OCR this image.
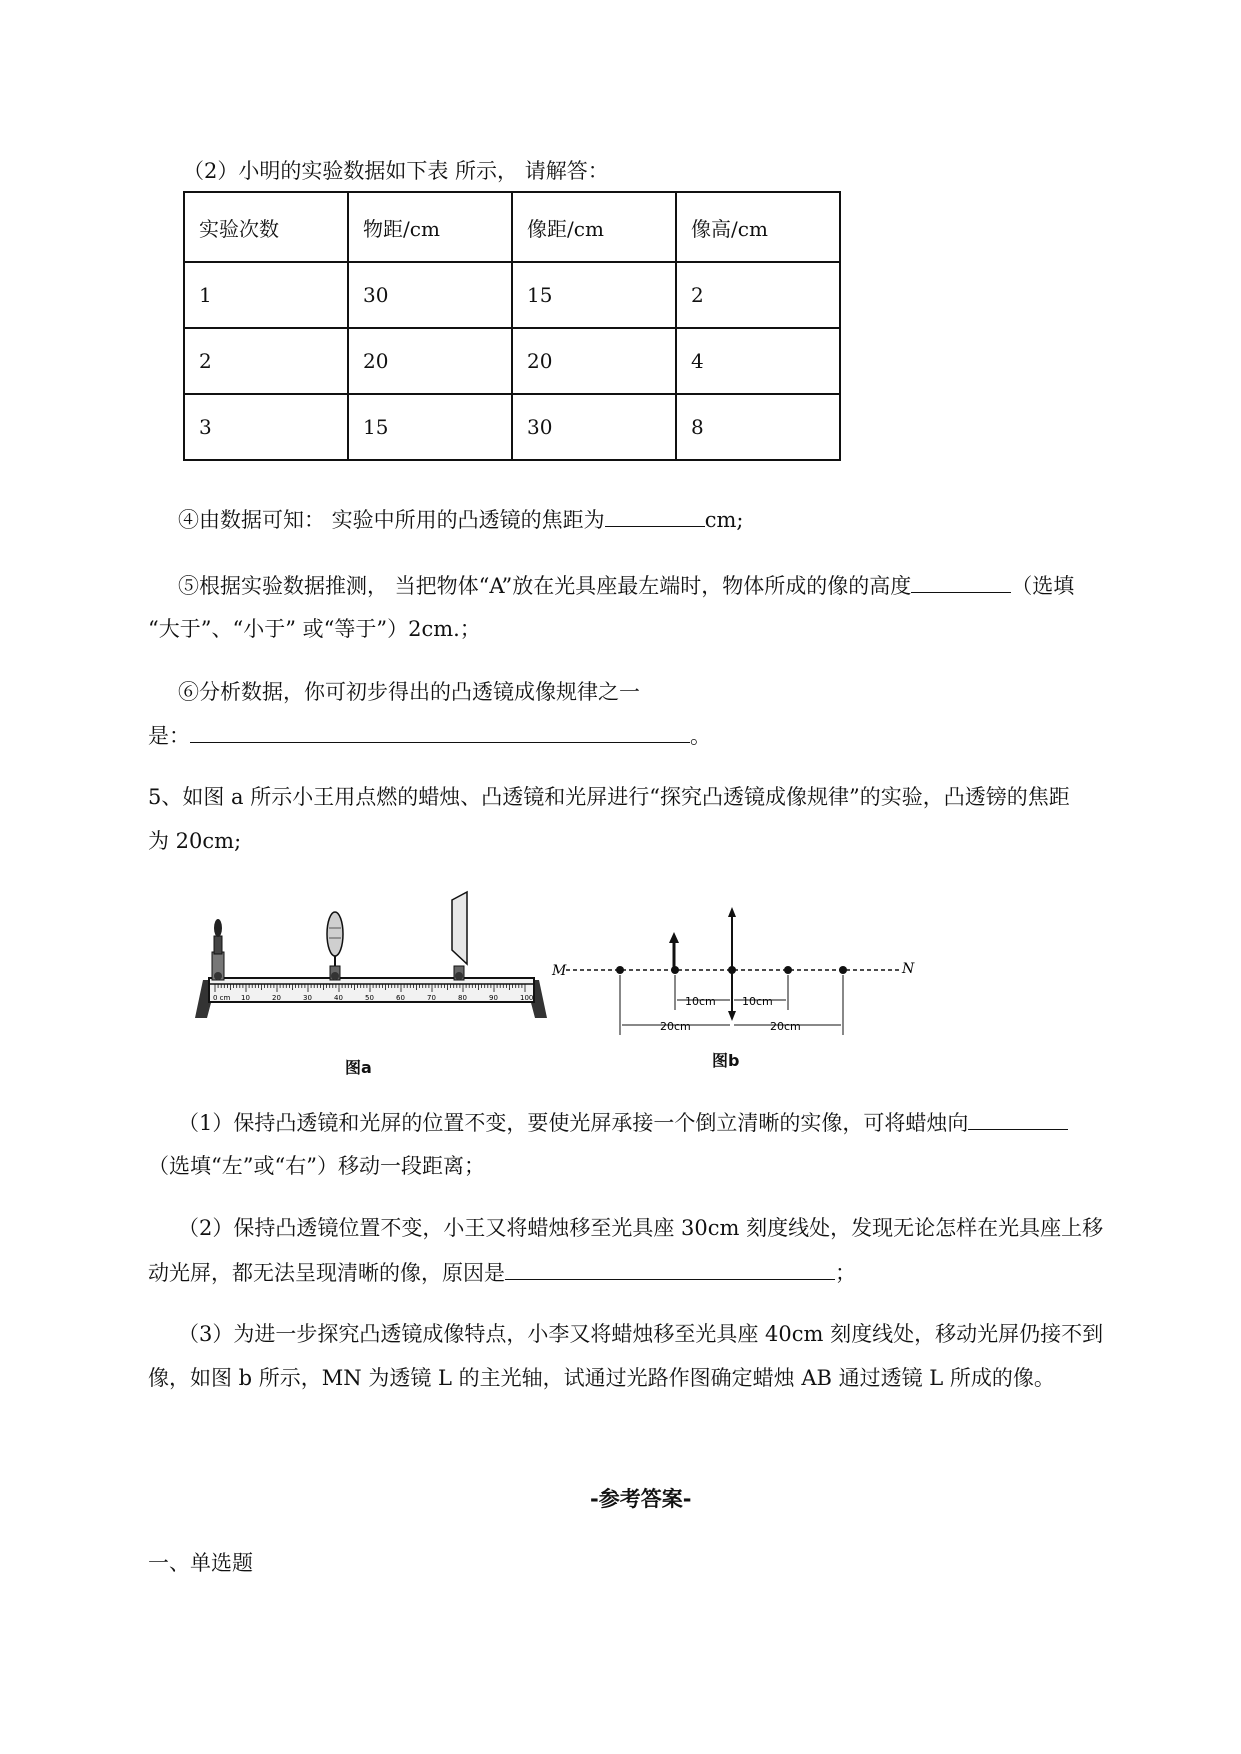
（2）小明的实验数据如下表 所示， 请解答：
实验次数	物距/cm	像距/cm	像高/cm
1	30	15	2
2	20	20	4
3	15	30	8
④由数据可知： 实验中所用的凸透镜的焦距为	cm;
⑤根据实验数据推测， 当把物体“A”放在光具座最左端时，物体所成的像的高度	（选填
“大于”、“小于” 或“等于”）2cm.；
⑥分析数据，你可初步得出的凸透镜成像规律之一
是：	。
5、如图 a 所示小王用点燃的蜡烛、凸透镜和光屏进行“探究凸透镜成像规律”的实验，凸透镑的焦距
为 20cm;
0 cm 10	20	30	40	50	60	70	80	90	100
图a
M	N
10cm 10cm
20cm	20cm
图b
（1）保持凸透镜和光屏的位置不变，要使光屏承接一个倒立清晰的实像，可将蜡烛向
（选填“左”或“右”）移动一段距离；
（2）保持凸透镜位置不变，小王又将蜡烛移至光具座 30cm 刻度线处，发现无论怎样在光具座上移
动光屏，都无法呈现清晰的像，原因是	；
（3）为进一步探究凸透镜成像特点，小李又将蜡烛移至光具座 40cm 刻度线处，移动光屏仍接不到
像，如图 b 所示，MN 为透镜 L 的主光轴，试通过光路作图确定蜡烛 AB 通过透镜 L 所成的像。
-参考答案-
一、单选题
